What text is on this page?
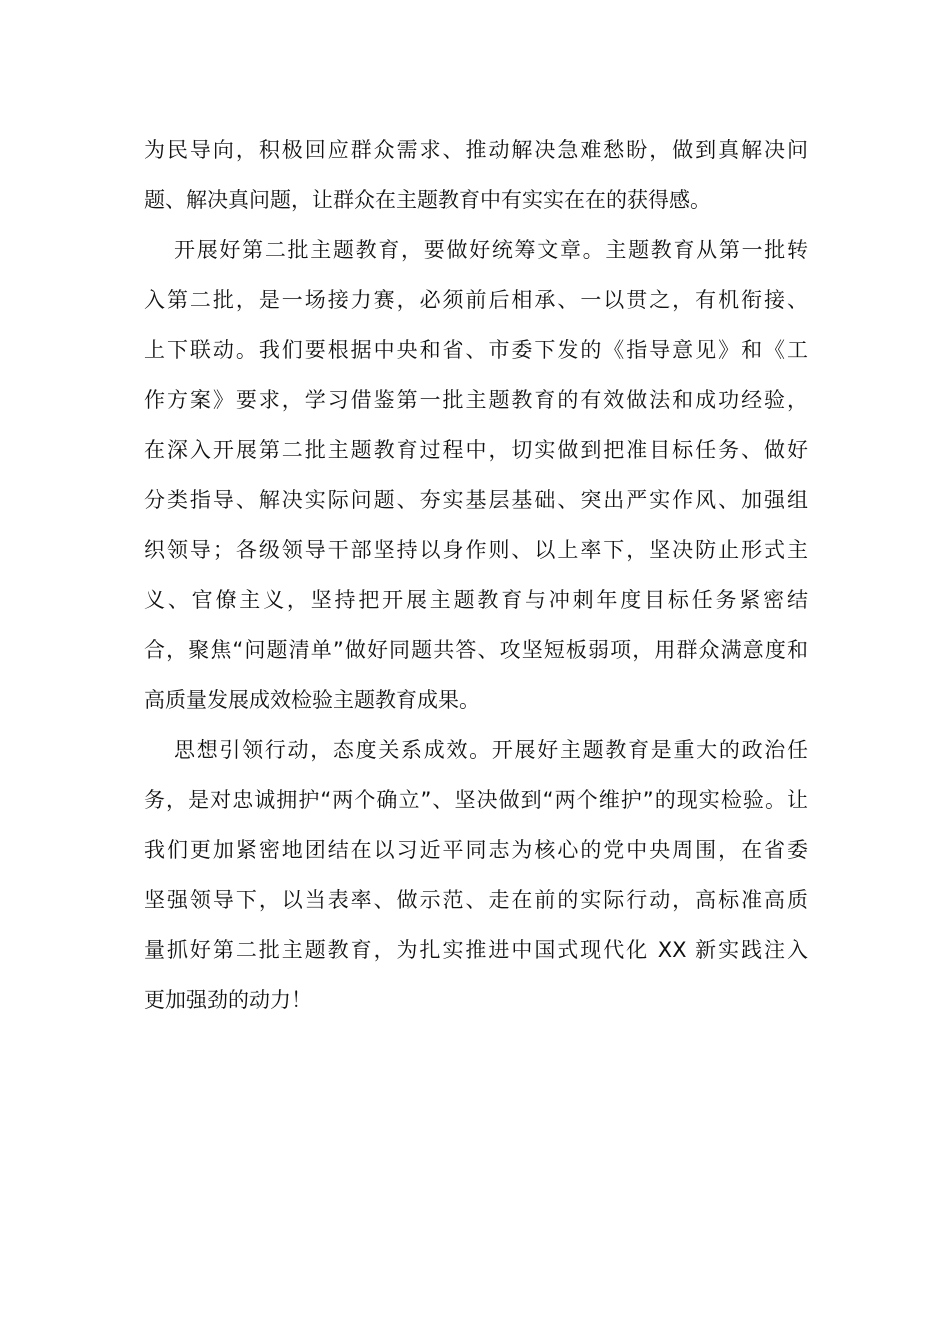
为民导向，积极回应群众需求、推动解决急难愁盼，做到真解决问
题、解决真问题，让群众在主题教育中有实实在在的获得感。
开展好第二批主题教育，要做好统筹文章。主题教育从第一批转
入第二批，是一场接力赛，必须前后相承、一以贯之，有机衔接、
上下联动。我们要根据中央和省、市委下发的《指导意见》和《工
作方案》要求，学习借鉴第一批主题教育的有效做法和成功经验，
在深入开展第二批主题教育过程中，切实做到把准目标任务、做好
分类指导、解决实际问题、夯实基层基础、突出严实作风、加强组
织领导；各级领导干部坚持以身作则、以上率下，坚决防止形式主
义、官僚主义，坚持把开展主题教育与冲刺年度目标任务紧密结
合，聚焦“问题清单”做好同题共答、攻坚短板弱项，用群众满意度和
高质量发展成效检验主题教育成果。
思想引领行动，态度关系成效。开展好主题教育是重大的政治任
务，是对忠诚拥护“两个确立”、坚决做到“两个维护”的现实检验。让
我们更加紧密地团结在以习近平同志为核心的党中央周围，在省委
坚强领导下，以当表率、做示范、走在前的实际行动，高标准高质
量抓好第二批主题教育，为扎实推进中国式现代化 XX 新实践注入
更加强劲的动力！
